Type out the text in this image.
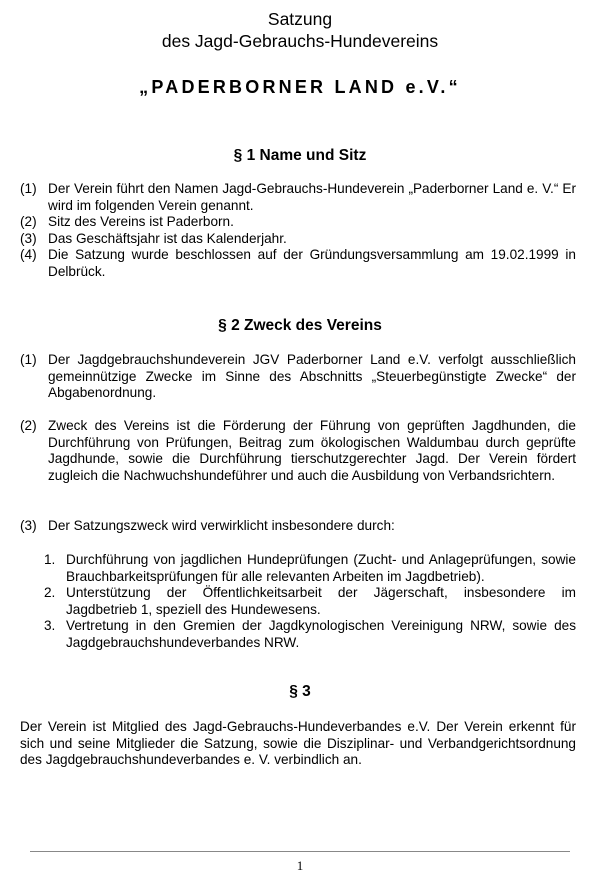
Satzung
des Jagd-Gebrauchs-Hundevereins
„PADERBORNER LAND e.V.“
§ 1 Name und Sitz
(1) Der Verein führt den Namen Jagd-Gebrauchs-Hundeverein „Paderborner Land e. V.“ Er wird im folgenden Verein genannt.
(2) Sitz des Vereins ist Paderborn.
(3) Das Geschäftsjahr ist das Kalenderjahr.
(4) Die Satzung wurde beschlossen auf der Gründungsversammlung am 19.02.1999 in Delbrück.
§ 2 Zweck des Vereins
(1) Der Jagdgebrauchshundeverein JGV Paderborner Land e.V. verfolgt ausschließlich gemeinnützige Zwecke im Sinne des Abschnitts „Steuerbegünstigte Zwecke“ der Abgabenordnung.
(2) Zweck des Vereins ist die Förderung der Führung von geprüften Jagdhunden, die Durchführung von Prüfungen, Beitrag zum ökologischen Waldumbau durch geprüfte Jagdhunde, sowie die Durchführung tierschutzgerechter Jagd. Der Verein fördert zugleich die Nachwuchshundeführer und auch die Ausbildung von Verbandsrichtern.
(3) Der Satzungszweck wird verwirklicht insbesondere durch:
1. Durchführung von jagdlichen Hundeprüfungen (Zucht- und Anlageprüfungen, sowie Brauchbarkeitsprüfungen für alle relevanten Arbeiten im Jagdbetrieb).
2. Unterstützung der Öffentlichkeitsarbeit der Jägerschaft, insbesondere im Jagdbetrieb 1, speziell des Hundewesens.
3. Vertretung in den Gremien der Jagdkynologischen Vereinigung NRW, sowie des Jagdgebrauchshundeverbandes NRW.
§ 3
Der Verein ist Mitglied des Jagd-Gebrauchs-Hundeverbandes e.V. Der Verein erkennt für sich und seine Mitglieder die Satzung, sowie die Disziplinar- und Verbandgerichtsordnung des Jagdgebrauchshundeverbandes e. V. verbindlich an.
1
